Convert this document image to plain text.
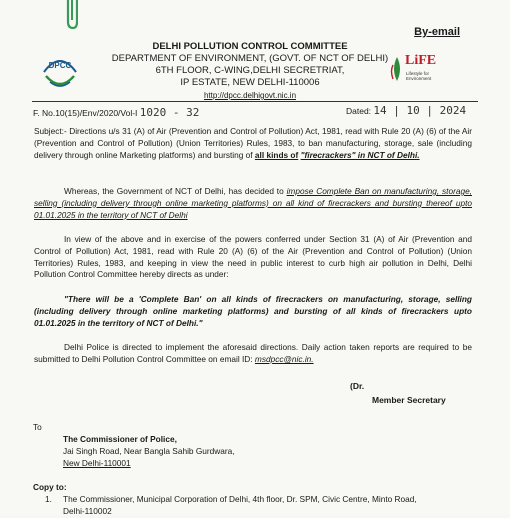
By-email
DPCC	LiFE
Lifestyle for Environment
DELHI POLLUTION CONTROL COMMITTEE
DEPARTMENT OF ENVIRONMENT, (GOVT. OF NCT OF DELHI)
6TH FLOOR, C-WING,DELHI SECRETRIAT,
IP ESTATE, NEW DELHI-110006
http://dpcc.delhigovt.nic.in
F. No.10(15)/Env/2020/Vol-I 1020 - 32	Dated: 14 | 10 | 2024
Subject:- Directions u/s 31 (A) of Air (Prevention and Control of Pollution) Act, 1981, read with Rule 20 (A) (6) of the Air (Prevention and Control of Pollution) (Union Territories) Rules, 1983, to ban manufacturing, storage, sale (including delivery through online Marketing platforms) and bursting of all kinds of "firecrackers" in NCT of Delhi.
Whereas, the Government of NCT of Delhi, has decided to impose Complete Ban on manufacturing, storage, selling (including delivery through online marketing platforms) on all kind of firecrackers and bursting thereof upto 01.01.2025 in the territory of NCT of Delhi
In view of the above and in exercise of the powers conferred under Section 31 (A) of Air (Prevention and Control of Pollution) Act, 1981, read with Rule 20 (A) (6) of the Air (Prevention and Control of Pollution) (Union Territories) Rules, 1983, and keeping in view the need in public interest to curb high air pollution in Delhi, Delhi Pollution Control Committee hereby directs as under:
"There will be a 'Complete Ban' on all kinds of firecrackers on manufacturing, storage, selling (including delivery through online marketing platforms) and bursting of all kinds of firecrackers upto 01.01.2025 in the territory of NCT of Delhi."
Delhi Police is directed to implement the aforesaid directions. Daily action taken reports are required to be submitted to Delhi Pollution Control Committee on email ID: msdpcc@nic.in.
(Dr.
Member Secretary
To
The Commissioner of Police,
Jai Singh Road, Near Bangla Sahib Gurdwara,
New Delhi-110001
Copy to:
1. The Commissioner, Municipal Corporation of Delhi, 4th floor, Dr. SPM, Civic Centre, Minto Road,
Delhi-110002
